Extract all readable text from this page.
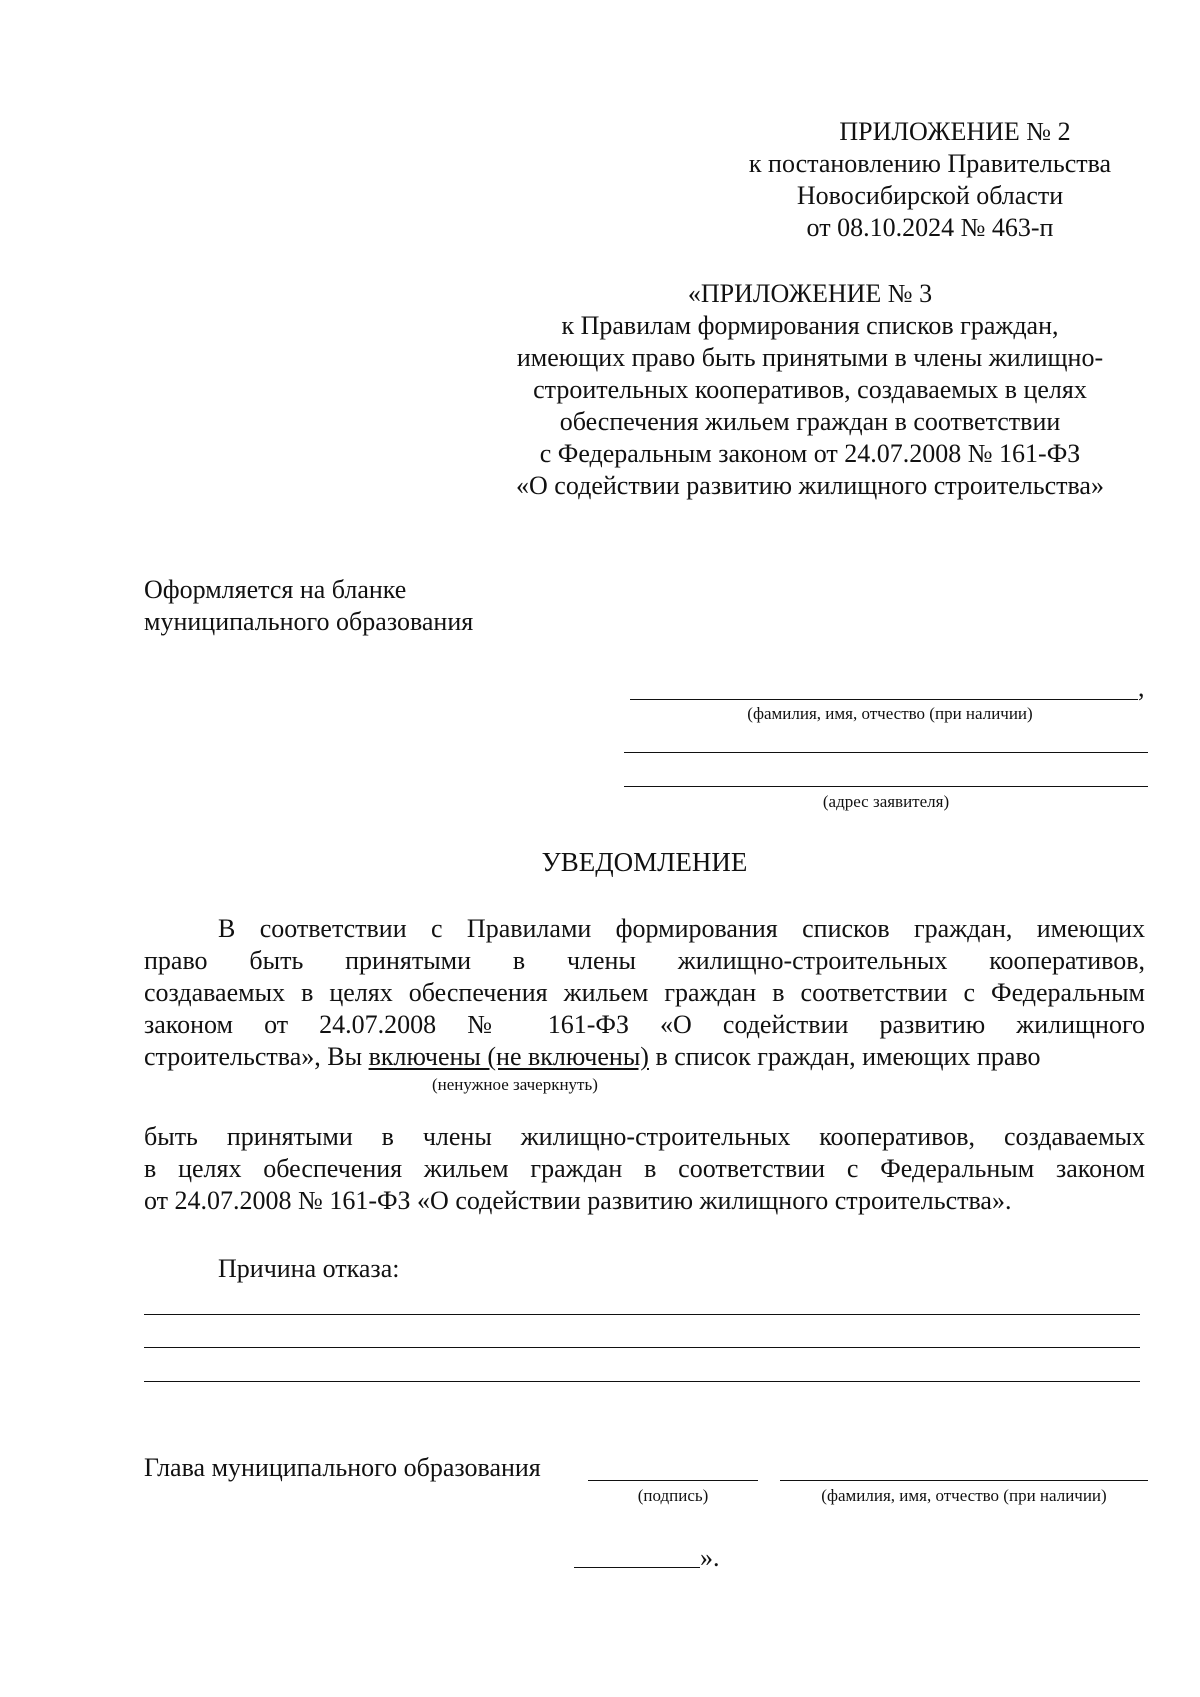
ПРИЛОЖЕНИЕ № 2
к постановлению Правительства
Новосибирской области
от 08.10.2024 № 463-п
«ПРИЛОЖЕНИЕ № 3
к Правилам формирования списков граждан,
имеющих право быть принятыми в члены жилищно-
строительных кооперативов, создаваемых в целях
обеспечения жильем граждан в соответствии
с Федеральным законом от 24.07.2008 № 161-ФЗ
«О содействии развитию жилищного строительства»
Оформляется на бланке
муниципального образования
,
(фамилия, имя, отчество (при наличии)
(адрес заявителя)
УВЕДОМЛЕНИЕ
В соответствии с Правилами формирования списков граждан, имеющих
право быть принятыми в члены жилищно-строительных кооперативов,
создаваемых в целях обеспечения жильем граждан в соответствии с Федеральным
законом от 24.07.2008 № 161-ФЗ «О содействии развитию жилищного
строительства», Вы включены (не включены) в список граждан, имеющих право
(ненужное зачеркнуть)
быть принятыми в члены жилищно-строительных кооперативов, создаваемых
в целях обеспечения жильем граждан в соответствии с Федеральным законом
от 24.07.2008 № 161-ФЗ «О содействии развитию жилищного строительства».
Причина отказа:
Глава муниципального образования
(подпись)	(фамилия, имя, отчество (при наличии)
».
